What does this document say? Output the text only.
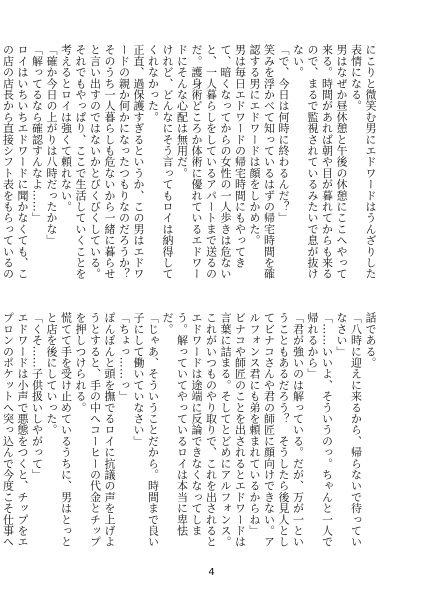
にこりと微笑む男にエドワードはうんざりした表情になる。

男はなぜか昼休憩と午後の休憩にここへやって来る。時間があれば朝や目が暮れてからも来るので、まるで監視されているみたいで息が抜けない。

「で、今日は何時に終わるんだ？」

笑みを浮かべて知っているはずの帰宅時間を確認する男にエドワードは顔をしかめた。

男は毎日エドワードの帰宅時間にもやってきて、暗くなってからの女性の一人歩きは危ないと、一人暮らしをしているアパートまで送るのだ。護身術どころか体術に優れているエドワードにそんな心配は無用だ。

けれど、どんなにそう言ってもロイは納得してくれなかった。

正直、過保護すぎるというか、この男はエドワードの親か何かになったつもりなのだろうか？　そのうち一人暮らしも危ないから一緒に暮らせと言い出すのではないかとびくびくしている。

それでもやっぱり、ここで生活していくことを考えるとロイは強くて頼れない。

「確か今日の上がりは八時だったかな」

「解ってるなら確認すんなよ……」

ロイはいちいちエドワードに聞かなくても、この店の店長から直接シフト表をもらっているの

話である。

「八時に迎えに来るから、帰らないで待っていなさい」

「……いいよ、そういうのっ。ちゃんと一人で帰れるから」

「君が強いのは解っている。だが、万が一ということもあるだろう？　そうしたら後見人としてビナコさんや君の師匠に顔向けできない。アルフォンス君にも弟を頼まれているからね」

ビナコや師匠のことを出されるとエドワードは言葉に詰まる。そしてとどめにアルフォンス。

これがいつものやり取りで、これを出されるとエドワードは途端に反論できなくなってしまう。解っていてやっているロイは本当に卑怯だ。

「じゃあ、そういうことだから。時間まで良い子にして働いていなさい」

「ちょっ……っ」

ぽんぽんと頭を撫でるロイに抗議の声を上げようとすると、手の中へコーヒーの代金とチップを押しつけられる。

慌てて手を受け止めているうちに、男はとっとと店を後にしていった。

「くそ……子供扱いしやがって」

エドワードは小声で悪態をつくと、チップをエプロンのポケットへ突っ込んで今度こそ仕事へ

4
